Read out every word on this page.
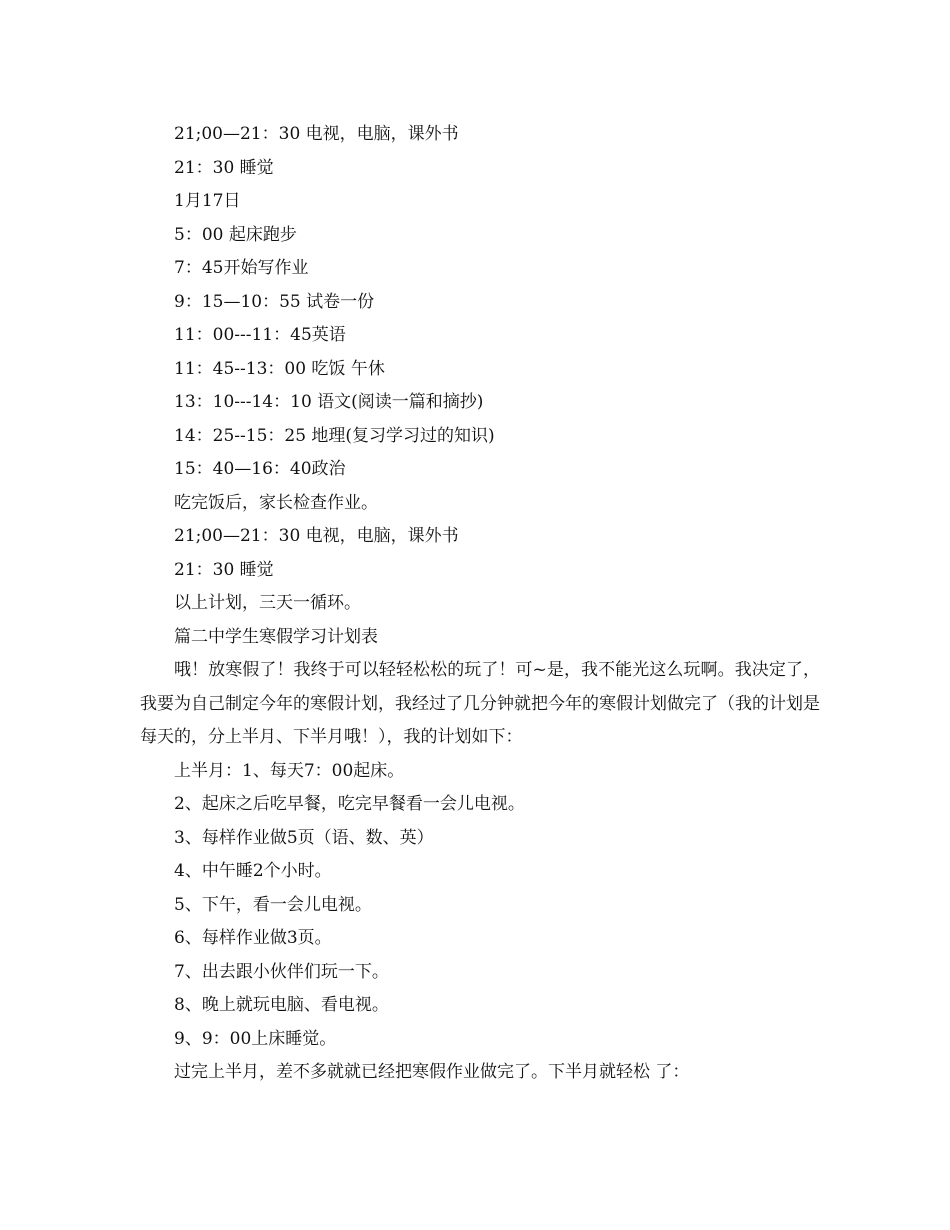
21;00—21：30 电视，电脑，课外书
21：30 睡觉
1月17日
5：00 起床跑步
7：45开始写作业
9：15—10：55 试卷一份
11：00---11：45英语
11：45--13：00 吃饭 午休
13：10---14：10 语文(阅读一篇和摘抄)
14：25--15：25 地理(复习学习过的知识)
15：40—16：40政治
吃完饭后，家长检查作业。
21;00—21：30 电视，电脑，课外书
21：30 睡觉
以上计划，三天一循环。
篇二中学生寒假学习计划表

哦！放寒假了！我终于可以轻轻松松的玩了！可~是，我不能光这么玩啊。我决定了，我要为自己制定今年的寒假计划，我经过了几分钟就把今年的寒假计划做完了（我的计划是每天的，分上半月、下半月哦！），我的计划如下：

上半月：1、每天7：00起床。
2、起床之后吃早餐，吃完早餐看一会儿电视。
3、每样作业做5页（语、数、英）
4、中午睡2个小时。
5、下午，看一会儿电视。
6、每样作业做3页。
7、出去跟小伙伴们玩一下。
8、晚上就玩电脑、看电视。
9、9：00上床睡觉。
过完上半月，差不多就就已经把寒假作业做完了。下半月就轻松 了：
